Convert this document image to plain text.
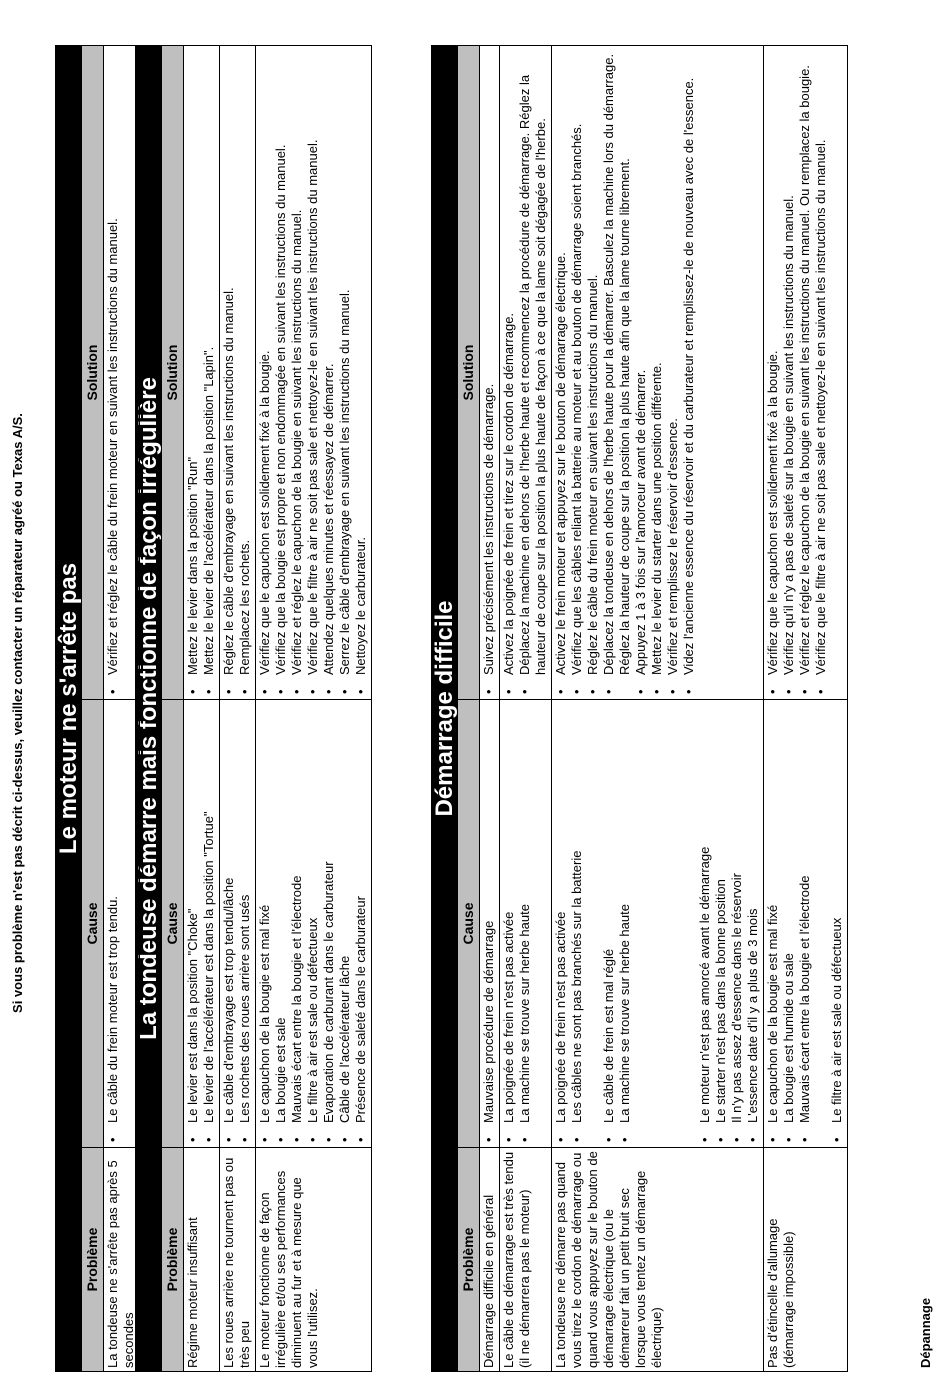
Dépannage
Démarrage difficile
Problème
Cause
Solution
Démarrage difficile en général
• Mauvaise procédure de démarrage
• Suivez précisément les instructions de démarrage.
Le câble de démarrage est très tendu (il ne démarrera pas le moteur)
• La poignée de frein n'est pas activée • La machine se trouve sur herbe haute
• Activez la poignée de frein et tirez sur le cordon de démarrage. • Déplacez la machine en dehors de l'herbe haute et recommencez la procédure de démarrage. Réglez la hauteur de coupe sur la position la plus haute de façon à ce que la lame soit dégagée de l'herbe.
La tondeuse ne démarre pas quand vous tirez le cordon de démarrage ou quand vous appuyez sur le bouton de démarrage électrique (ou le démarreur fait un petit bruit sec lorsque vous tentez un démarrage électrique)
• La poignée de frein n'est pas activée • Les câbles ne sont pas branchés sur la batterie
• Le câble de frein est mal réglé • La machine se trouve sur herbe haute

	• Le moteur n'est pas amorcé avant le démarrage • Le starter n'est pas dans la bonne position • Il n'y pas assez d'essence dans le réservoir • L'essence date d'il y a plus de 3 mois
• Activez le frein moteur et appuyez sur le bouton de démarrage électrique. • Vérifiez que les câbles reliant la batterie au moteur et au bouton de démarrage soient branchés. • Réglez le câble du frein moteur en suivant les instructions du manuel. • Déplacez la tondeuse en dehors de l'herbe haute pour la démarrer. Basculez la machine lors du démarrage. Réglez la hauteur de coupe sur la position la plus haute afin que la lame tourne librement. • Appuyez 1 à 3 fois sur l'amorceur avant de démarrer. • Mettez le levier du starter dans une position différente. • Vérifiez et remplissez le réservoir d'essence. • Videz l'ancienne essence du réservoir et du carburateur et remplissez-le de nouveau avec de l'essence.
Pas d'étincelle d'allumage (démarrage impossible)
• Le capuchon de la bougie est mal fixé • La bougie est humide ou sale • Mauvais écart entre la bougie et l'électrode
• Le filtre à air est sale ou défectueux
• Vérifiez que le capuchon est solidement fixé à la bougie. • Vérifiez qu'il n'y a pas de saleté sur la bougie en suivant les instructions du manuel. • Vérifiez et réglez le capuchon de la bougie en suivant les instructions du manuel. Ou remplacez la bougie. • Vérifiez que le filtre à air ne soit pas sale et nettoyez-le en suivant les instructions du manuel.
La tondeuse démarre mais fonctionne de façon irrégulière
Problème
Cause
Solution
Régime moteur insuffisant
• Le levier est dans la position "Choke" • Le levier de l'accélérateur est dans la position "Tortue"
• Mettez le levier dans la position "Run" • Mettez le levier de l'accélérateur dans la position "Lapin".
Les roues arrière ne tournent pas ou très peu
• Le câble d'embrayage est trop tendu/lâche • Les rochets des roues arrière sont usés
• Réglez le câble d'embrayage en suivant les instructions du manuel. • Remplacez les rochets.
Le moteur fonctionne de façon irrégulière et/ou ses performances diminuent au fur et à mesure que vous l'utilisez.
• Le capuchon de la bougie est mal fixé • La bougie est sale • Mauvais écart entre la bougie et l'électrode • Le filtre à air est sale ou défectueux • Evaporation de carburant dans le carburateur • Câble de l'accélérateur lâche • Présence de saleté dans le carburateur
• Vérifiez que le capuchon est solidement fixé à la bougie. • Vérifiez que la bougie est propre et non endommagée en suivant les instructions du manuel. • Vérifiez et réglez le capuchon de la bougie en suivant les instructions du manuel. • Vérifiez que le filtre à air ne soit pas sale et nettoyez-le en suivant les instructions du manuel. • Attendez quelques minutes et réessayez de démarrer. • Serrez le câble d'embrayage en suivant les instructions du manuel. • Nettoyez le carburateur.
Le moteur ne s'arrête pas
Problème
Cause
Solution
La tondeuse ne s'arrête pas après 5 secondes
• Le câble du frein moteur est trop tendu.
• Vérifiez et réglez le câble du frein moteur en suivant les instructions du manuel.
Si vous problème n'est pas décrit ci-dessus, veuillez contacter un réparateur agréé ou Texas A/S.
